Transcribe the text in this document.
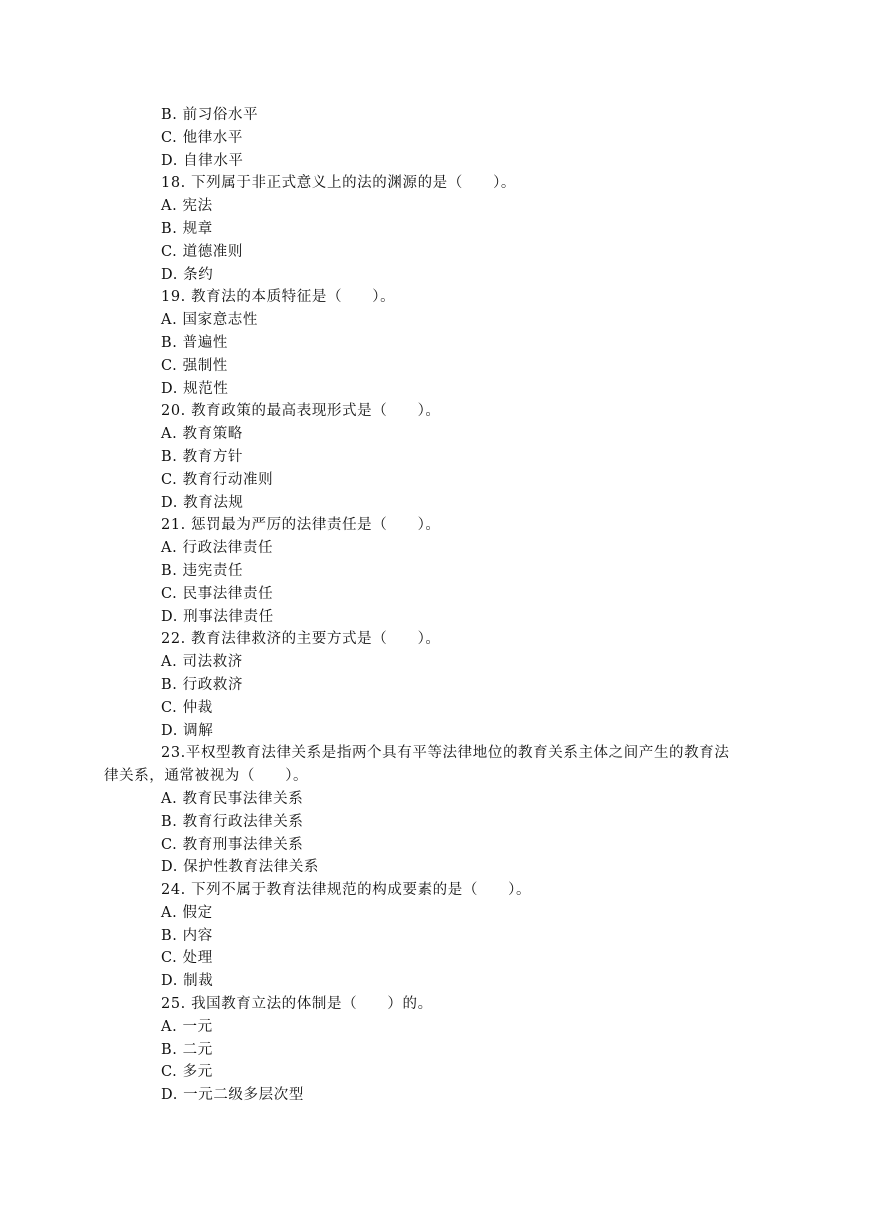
B. 前习俗水平
C. 他律水平
D. 自律水平
18. 下列属于非正式意义上的法的渊源的是（　　）。
A. 宪法
B. 规章
C. 道德准则
D. 条约
19. 教育法的本质特征是（　　）。
A. 国家意志性
B. 普遍性
C. 强制性
D. 规范性
20. 教育政策的最高表现形式是（　　）。
A. 教育策略
B. 教育方针
C. 教育行动准则
D. 教育法规
21. 惩罚最为严厉的法律责任是（　　）。
A. 行政法律责任
B. 违宪责任
C. 民事法律责任
D. 刑事法律责任
22. 教育法律救济的主要方式是（　　）。
A. 司法救济
B. 行政救济
C. 仲裁
D. 调解
23.平权型教育法律关系是指两个具有平等法律地位的教育关系主体之间产生的教育法
律关系，通常被视为（　　）。
A. 教育民事法律关系
B. 教育行政法律关系
C. 教育刑事法律关系
D. 保护性教育法律关系
24. 下列不属于教育法律规范的构成要素的是（　　）。
A. 假定
B. 内容
C. 处理
D. 制裁
25. 我国教育立法的体制是（　　）的。
A. 一元
B. 二元
C. 多元
D. 一元二级多层次型
